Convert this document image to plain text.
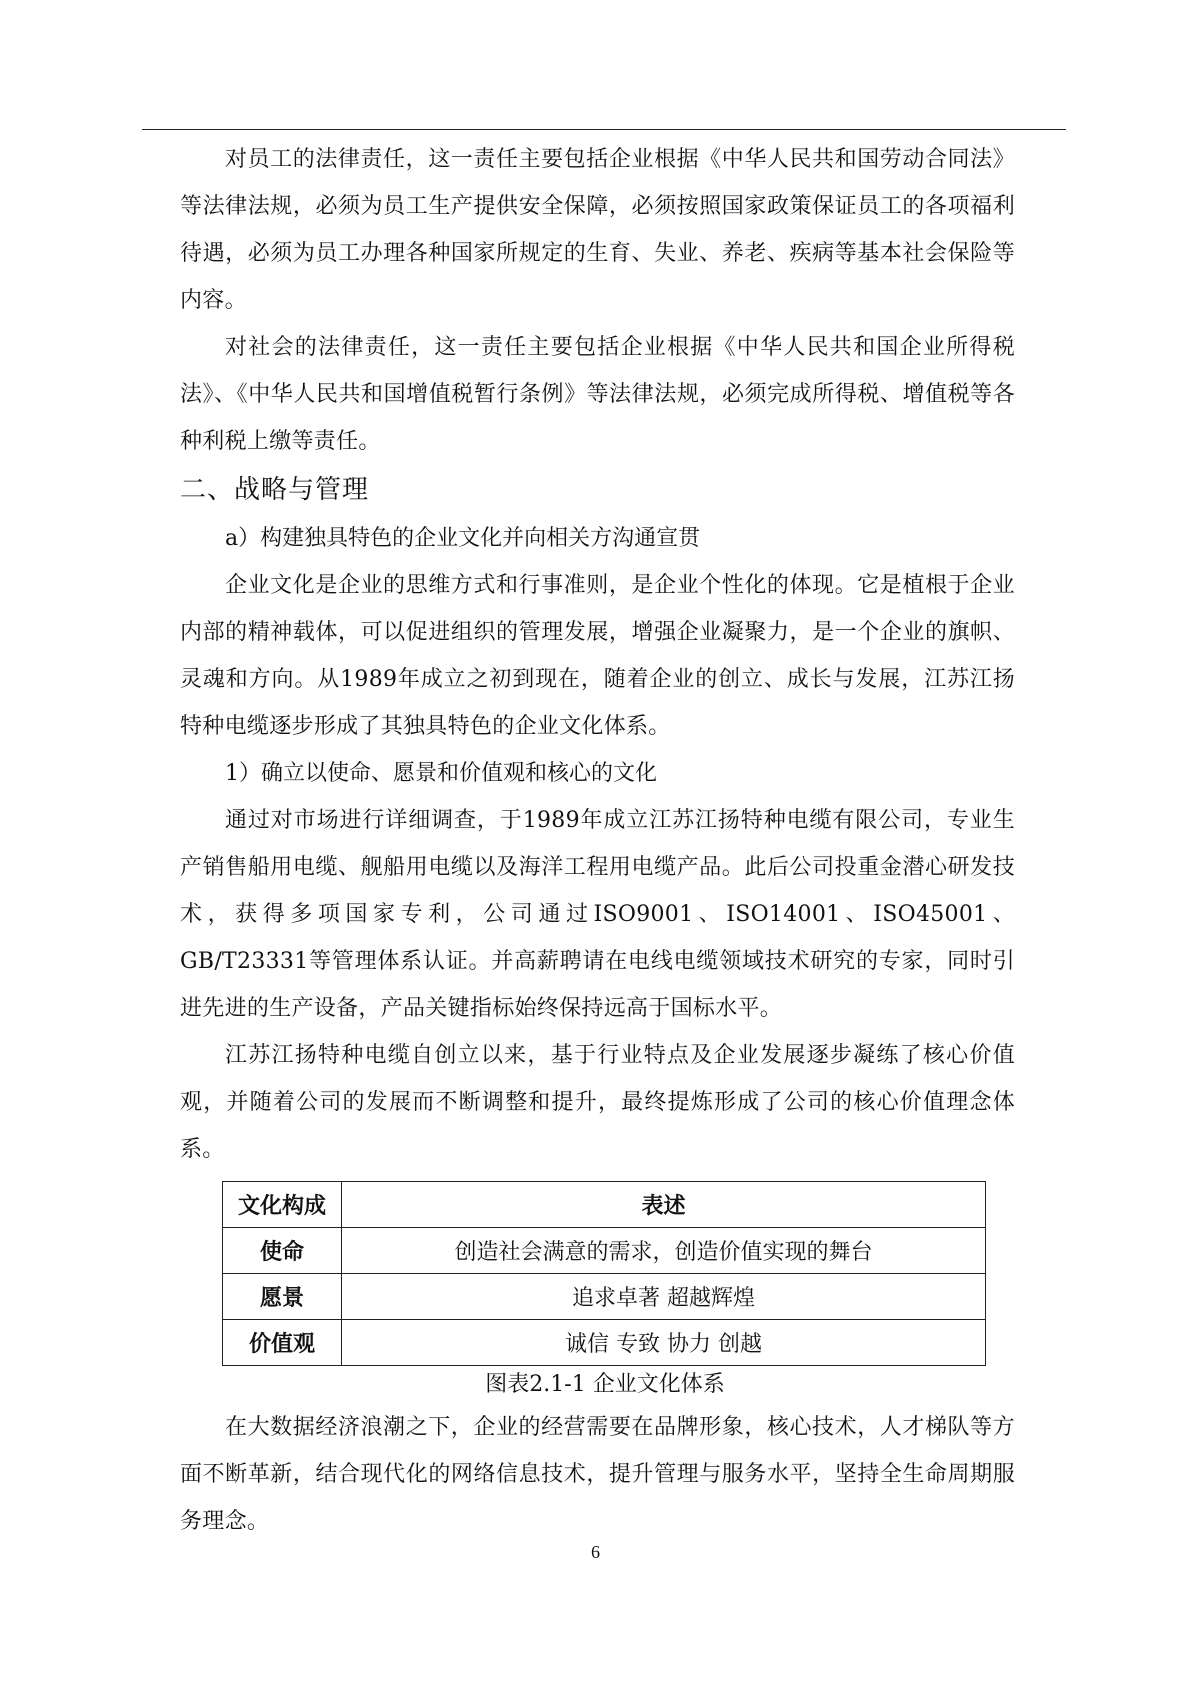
对员工的法律责任，这一责任主要包括企业根据《中华人民共和国劳动合同法》等法律法规，必须为员工生产提供安全保障，必须按照国家政策保证员工的各项福利待遇，必须为员工办理各种国家所规定的生育、失业、养老、疾病等基本社会保险等内容。

对社会的法律责任，这一责任主要包括企业根据《中华人民共和国企业所得税法》、《中华人民共和国增值税暂行条例》等法律法规，必须完成所得税、增值税等各种利税上缴等责任。

二、战略与管理

a）构建独具特色的企业文化并向相关方沟通宣贯

企业文化是企业的思维方式和行事准则，是企业个性化的体现。它是植根于企业内部的精神载体，可以促进组织的管理发展，增强企业凝聚力，是一个企业的旗帜、灵魂和方向。从1989年成立之初到现在，随着企业的创立、成长与发展，江苏江扬特种电缆逐步形成了其独具特色的企业文化体系。

1）确立以使命、愿景和价值观和核心的文化

通过对市场进行详细调查，于1989年成立江苏江扬特种电缆有限公司，专业生产销售船用电缆、舰船用电缆以及海洋工程用电缆产品。此后公司投重金潜心研发技术，获得多项国家专利，公司通过ISO9001、ISO14001、ISO45001、GB/T23331等管理体系认证。并高薪聘请在电线电缆领域技术研究的专家，同时引进先进的生产设备，产品关键指标始终保持远高于国标水平。

江苏江扬特种电缆自创立以来，基于行业特点及企业发展逐步凝练了核心价值观，并随着公司的发展而不断调整和提升，最终提炼形成了公司的核心价值理念体系。

文化构成	表述
使命	创造社会满意的需求，创造价值实现的舞台
愿景	追求卓著 超越辉煌
价值观	诚信 专致 协力 创越

图表2.1-1 企业文化体系

在大数据经济浪潮之下，企业的经营需要在品牌形象，核心技术，人才梯队等方面不断革新，结合现代化的网络信息技术，提升管理与服务水平，坚持全生命周期服务理念。

6
